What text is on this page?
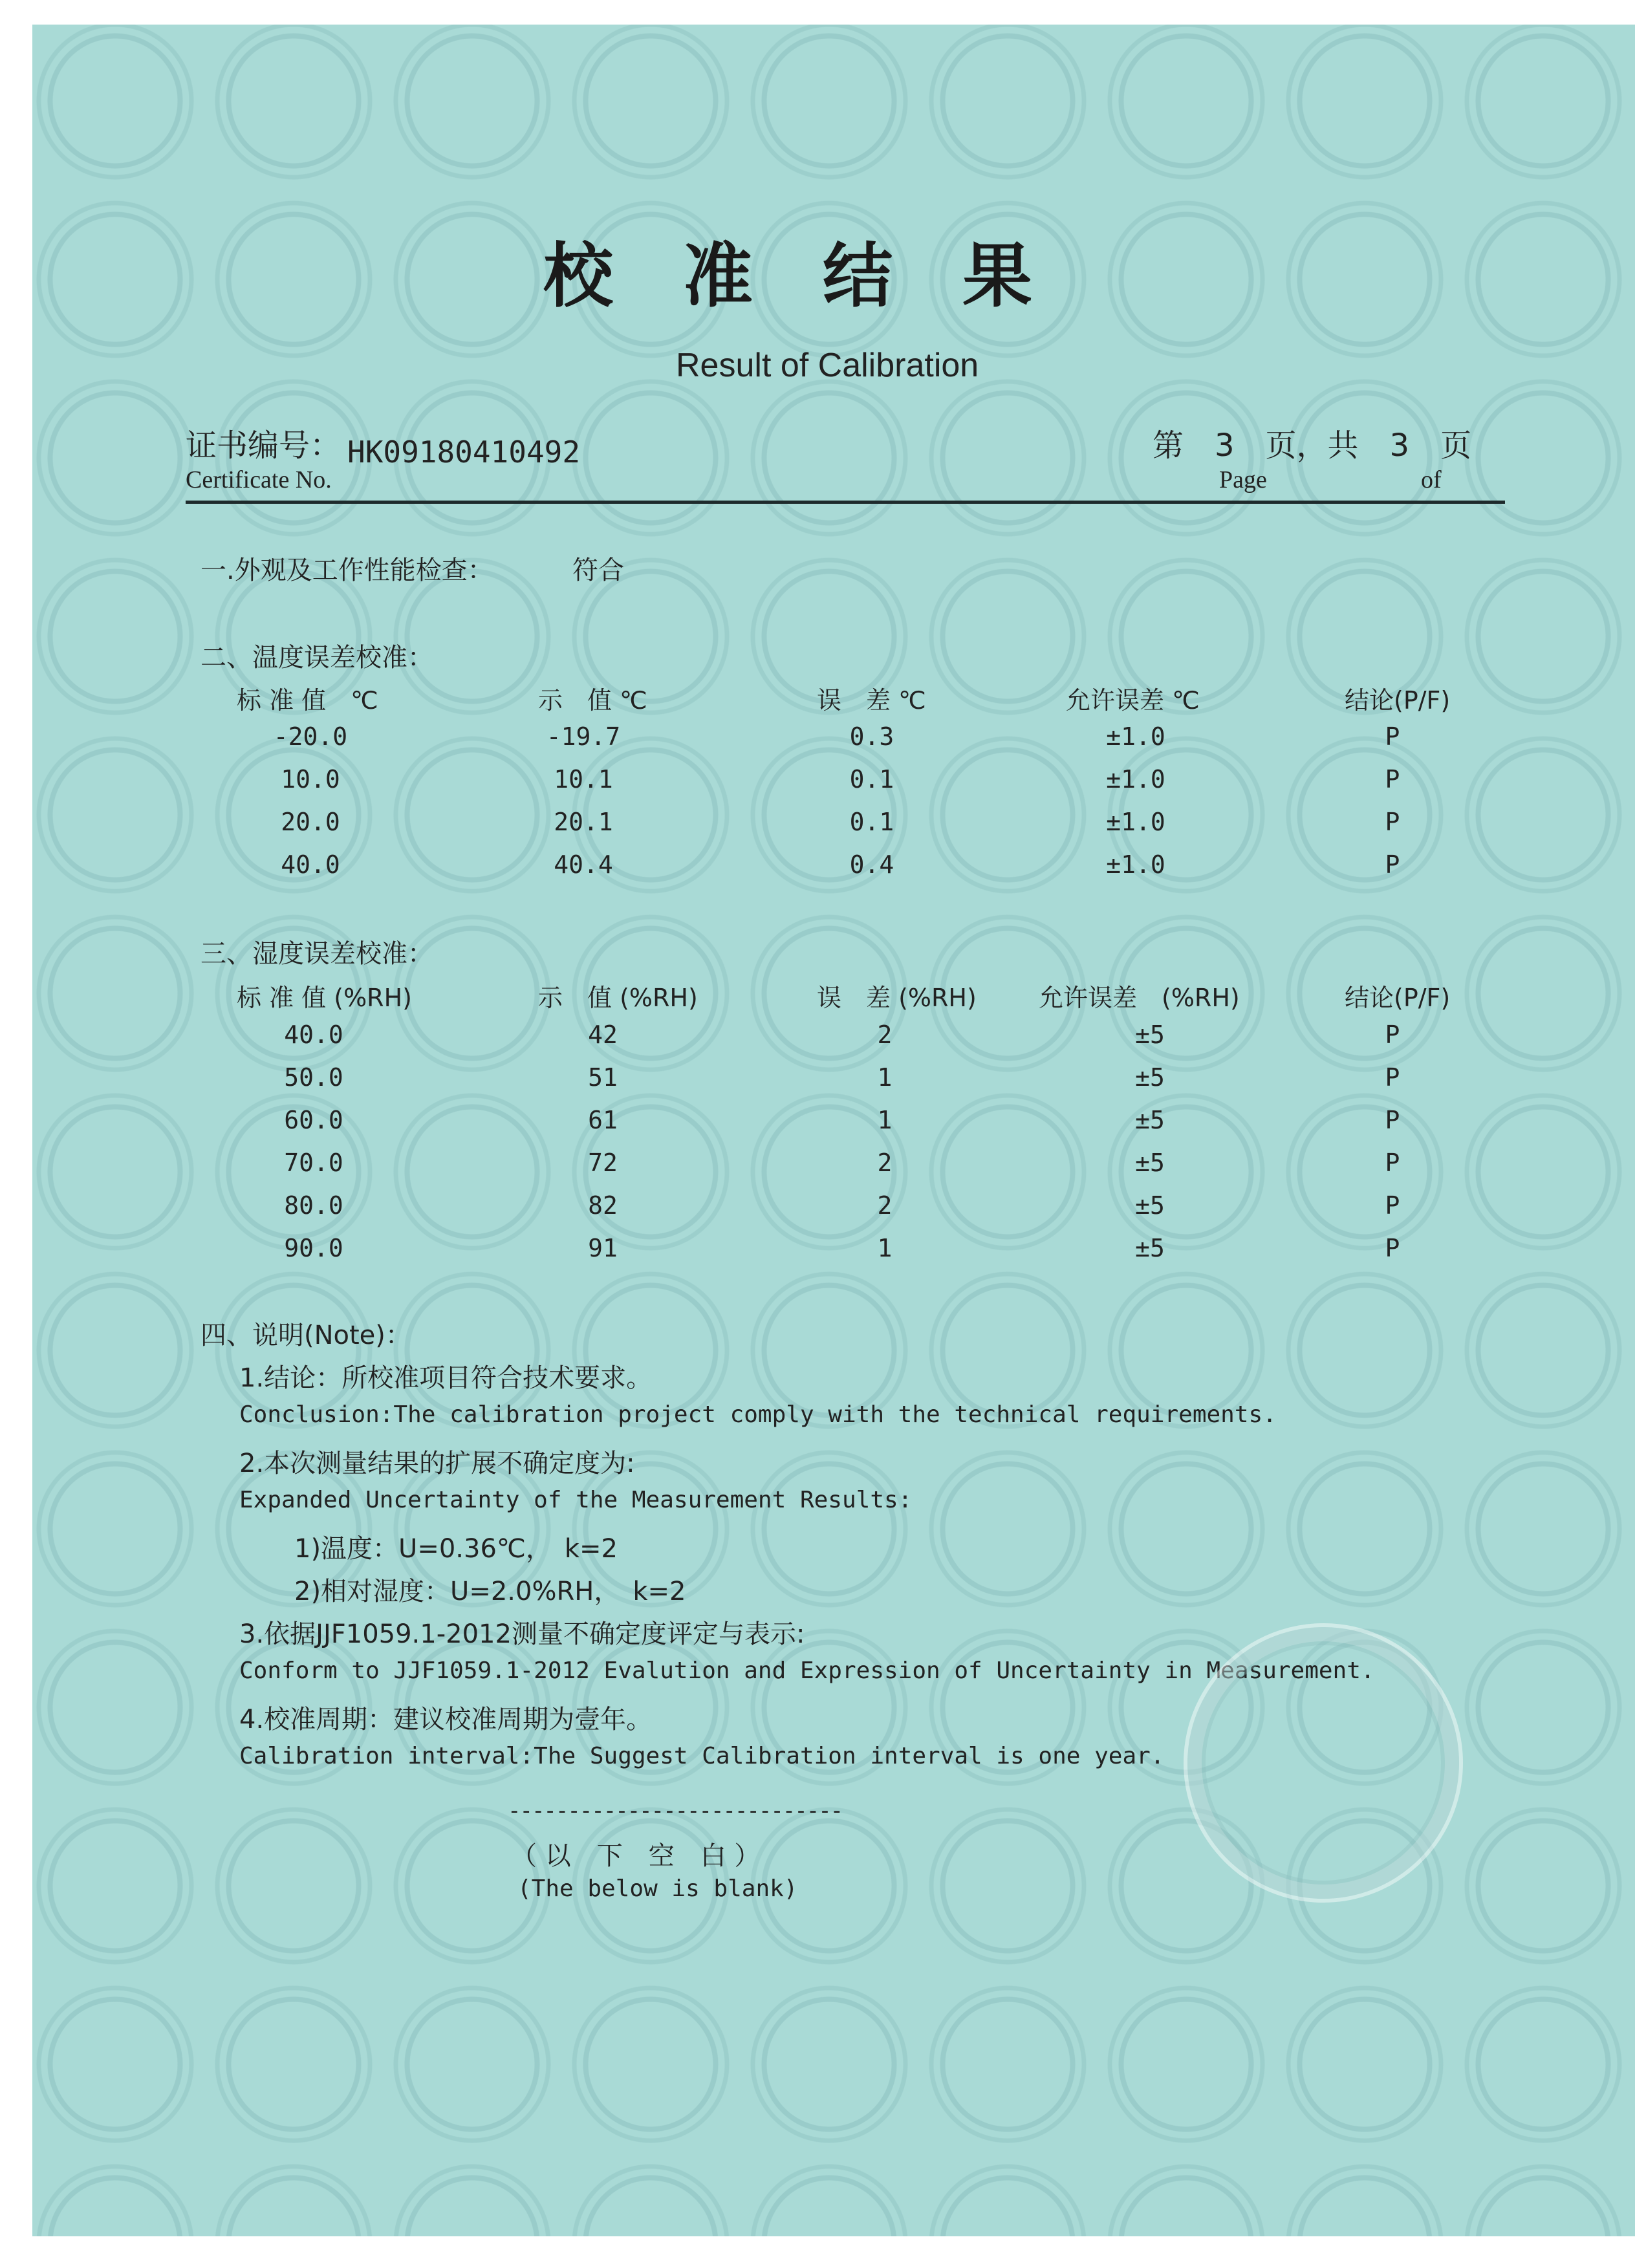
校　准　结　果
Result of Calibration
证书编号： HK09180410492
Certificate No.
第　3　页，共　3　页
Page	of
一.外观及工作性能检查：	符合
二、温度误差校准：
标 准 值　℃	示　值 ℃	误　差 ℃	允许误差 ℃	结论(P/F)
-20.0	-19.7	0.3	±1.0	P
10.0	10.1	0.1	±1.0	P
20.0	20.1	0.1	±1.0	P
40.0	40.4	0.4	±1.0	P
三、湿度误差校准：
标 准 值 (%RH)	示　值 (%RH)	误　差 (%RH)	允许误差　(%RH)	结论(P/F)
40.0	42	2	±5	P
50.0	51	1	±5	P
60.0	61	1	±5	P
70.0	72	2	±5	P
80.0	82	2	±5	P
90.0	91	1	±5	P
四、说明(Note)：
1.结论：所校准项目符合技术要求。
Conclusion:The calibration project comply with the technical requirements.
2.本次测量结果的扩展不确定度为:
Expanded Uncertainty of the Measurement Results:
1)温度：U=0.36℃，　k=2
2)相对湿度：U=2.0%RH，　k=2
3.依据JJF1059.1-2012测量不确定度评定与表示:
Conform to JJF1059.1-2012 Evalution and Expression of Uncertainty in Measurement.
4.校准周期：建议校准周期为壹年。
Calibration interval:The Suggest Calibration interval is one year.
----------------------------
（ 以　下　空　白 ）
(The below is blank)
